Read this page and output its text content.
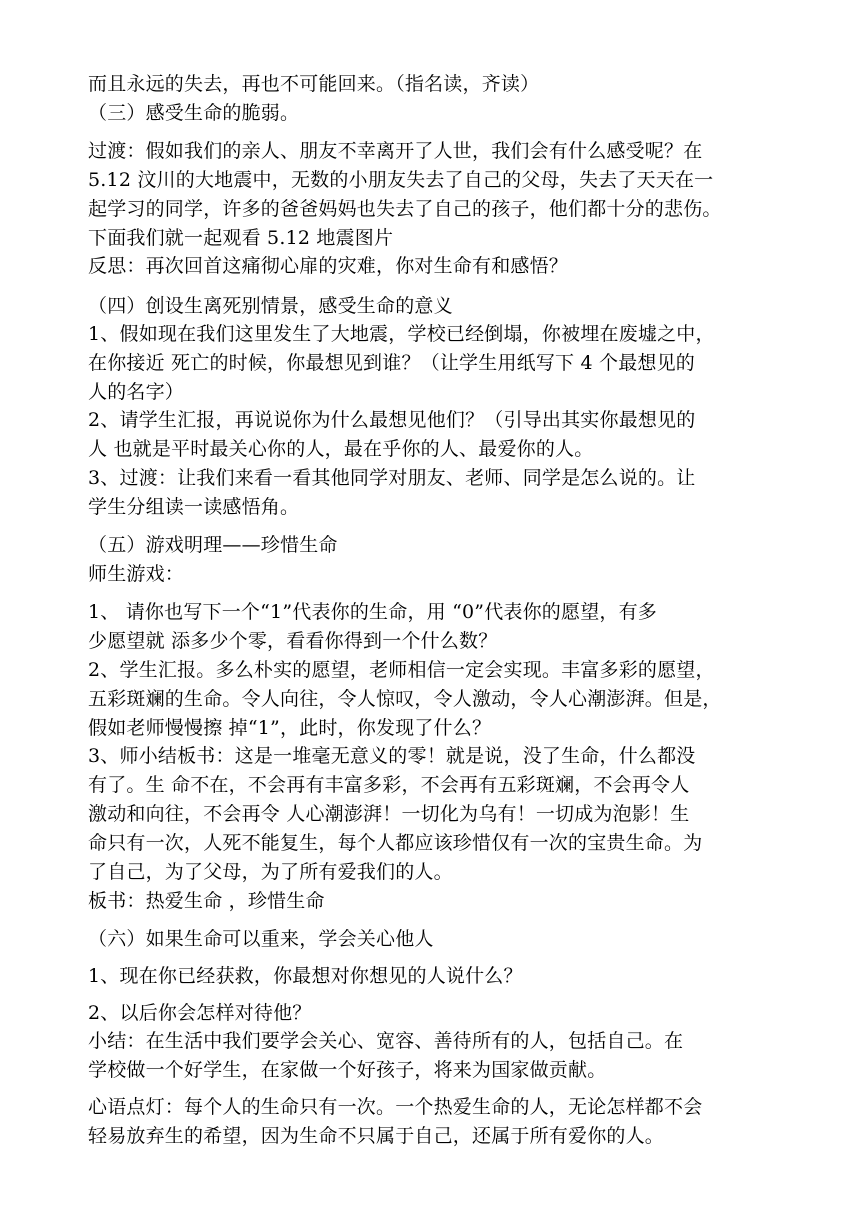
而且永远的失去，再也不可能回来。（指名读，齐读）
（三）感受生命的脆弱。
过渡：假如我们的亲人、朋友不幸离开了人世，我们会有什么感受呢？在
5.12 汶川的大地震中，无数的小朋友失去了自己的父母，失去了天天在一
起学习的同学，许多的爸爸妈妈也失去了自己的孩子，他们都十分的悲伤。
下面我们就一起观看 5.12 地震图片
反思：再次回首这痛彻心扉的灾难，你对生命有和感悟？
（四）创设生离死别情景，感受生命的意义
1、假如现在我们这里发生了大地震，学校已经倒塌，你被埋在废墟之中，
在你接近 死亡的时候，你最想见到谁？（让学生用纸写下 4 个最想见的
人的名字）
2、请学生汇报，再说说你为什么最想见他们？（引导出其实你最想见的
人 也就是平时最关心你的人，最在乎你的人、最爱你的人。
3、过渡：让我们来看一看其他同学对朋友、老师、同学是怎么说的。让
学生分组读一读感悟角。
（五）游戏明理——珍惜生命
师生游戏：
1、 请你也写下一个“1”代表你的生命，用 “0”代表你的愿望，有多
少愿望就 添多少个零，看看你得到一个什么数？
2、学生汇报。多么朴实的愿望，老师相信一定会实现。丰富多彩的愿望，
五彩斑斓的生命。令人向往，令人惊叹，令人激动，令人心潮澎湃。但是，
假如老师慢慢擦 掉“1”，此时，你发现了什么？
3、师小结板书：这是一堆毫无意义的零！就是说，没了生命，什么都没
有了。生 命不在，不会再有丰富多彩，不会再有五彩斑斓，不会再令人
激动和向往，不会再令 人心潮澎湃！一切化为乌有！一切成为泡影！生
命只有一次，人死不能复生，每个人都应该珍惜仅有一次的宝贵生命。为
了自己，为了父母，为了所有爱我们的人。
板书：热爱生命 ，珍惜生命
（六）如果生命可以重来，学会关心他人
1、现在你已经获救，你最想对你想见的人说什么？
2、以后你会怎样对待他？
小结：在生活中我们要学会关心、宽容、善待所有的人，包括自己。在
学校做一个好学生，在家做一个好孩子，将来为国家做贡献。
心语点灯：每个人的生命只有一次。一个热爱生命的人，无论怎样都不会
轻易放弃生的希望，因为生命不只属于自己，还属于所有爱你的人。
